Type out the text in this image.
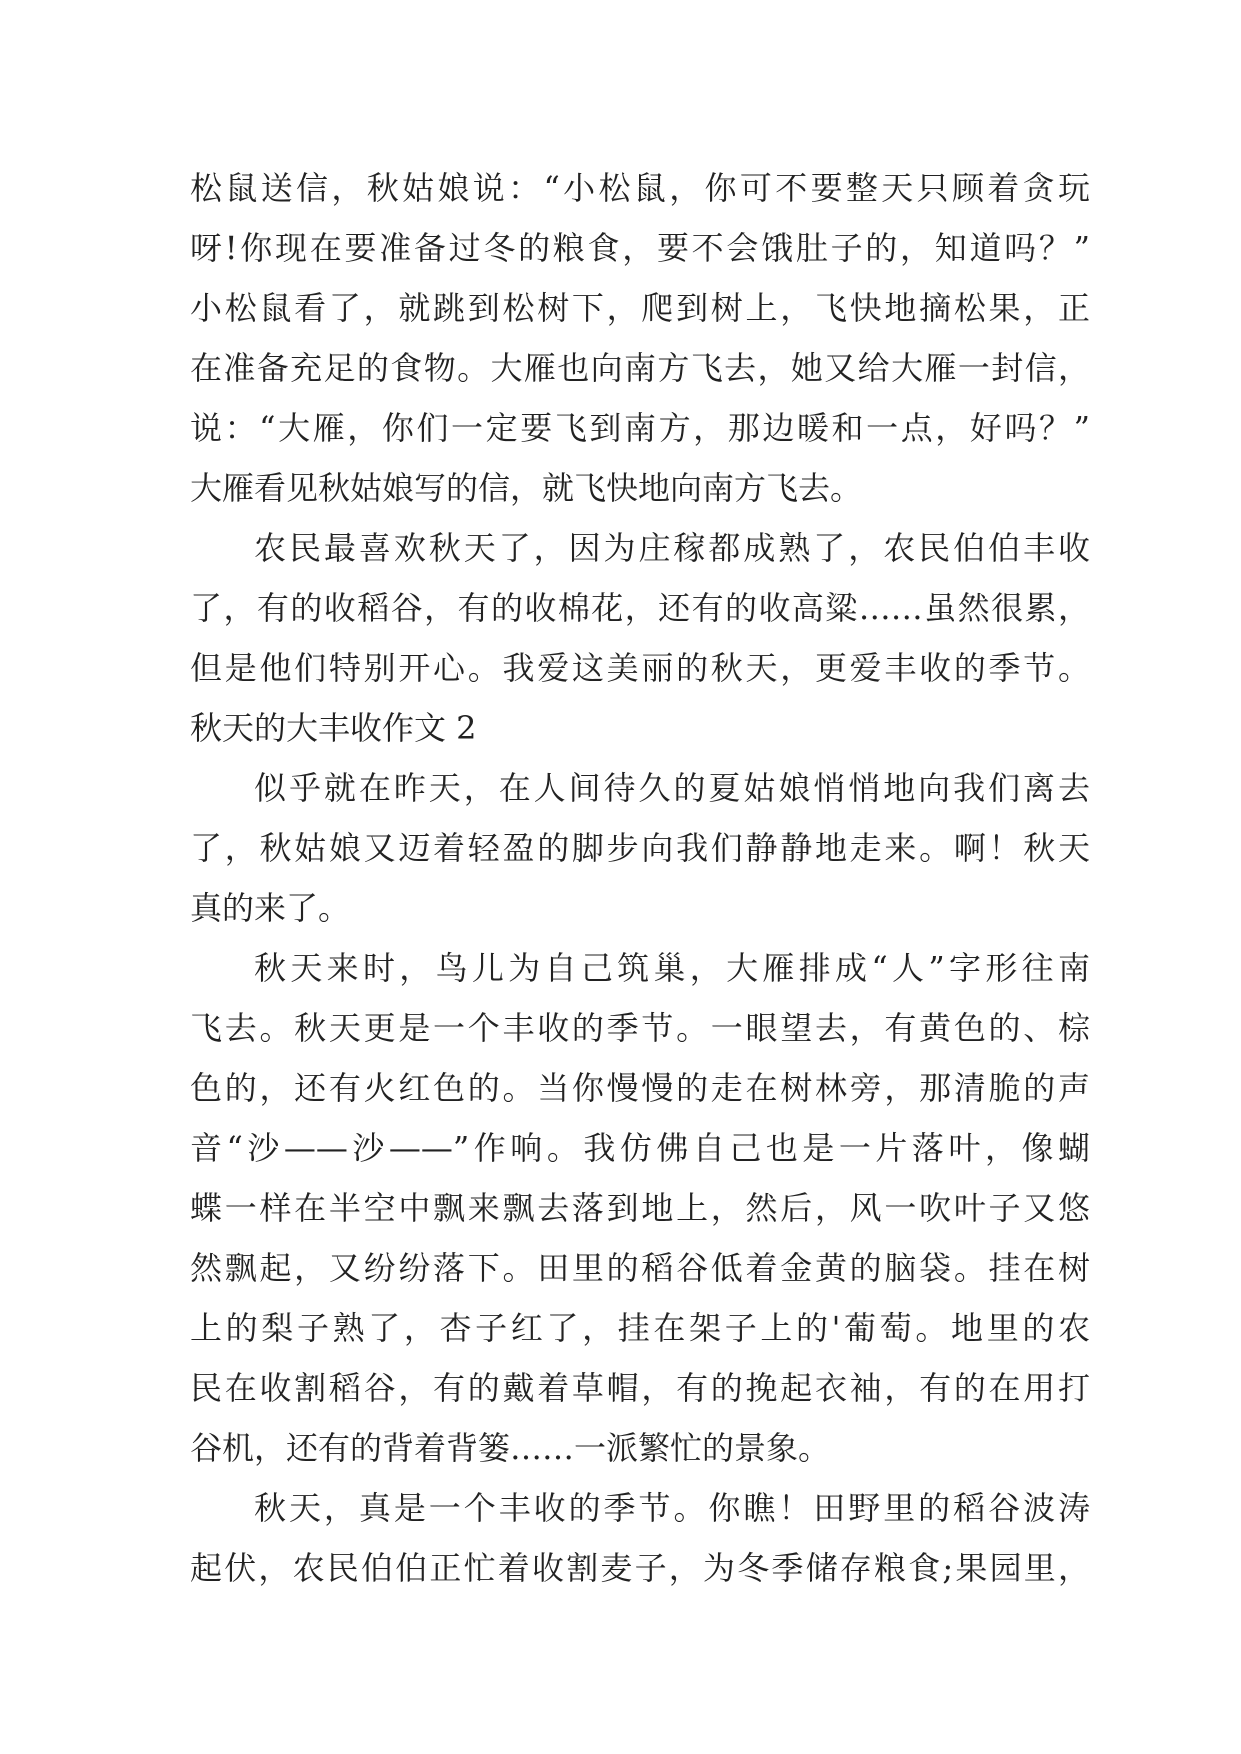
松鼠送信，秋姑娘说：“小松鼠，你可不要整天只顾着贪玩
呀!你现在要准备过冬的粮食，要不会饿肚子的，知道吗？”
小松鼠看了，就跳到松树下，爬到树上，飞快地摘松果，正
在准备充足的食物。大雁也向南方飞去，她又给大雁一封信，
说：“大雁，你们一定要飞到南方，那边暖和一点，好吗？”
大雁看见秋姑娘写的信，就飞快地向南方飞去。
农民最喜欢秋天了，因为庄稼都成熟了，农民伯伯丰收
了，有的收稻谷，有的收棉花，还有的收高粱……虽然很累，
但是他们特别开心。我爱这美丽的秋天，更爱丰收的季节。
秋天的大丰收作文 2
似乎就在昨天，在人间待久的夏姑娘悄悄地向我们离去
了，秋姑娘又迈着轻盈的脚步向我们静静地走来。啊！秋天
真的来了。
秋天来时，鸟儿为自己筑巢，大雁排成“人”字形往南
飞去。秋天更是一个丰收的季节。一眼望去，有黄色的、棕
色的，还有火红色的。当你慢慢的走在树林旁，那清脆的声
音“沙——沙——”作响。我仿佛自己也是一片落叶，像蝴
蝶一样在半空中飘来飘去落到地上，然后，风一吹叶子又悠
然飘起，又纷纷落下。田里的稻谷低着金黄的脑袋。挂在树
上的梨子熟了，杏子红了，挂在架子上的'葡萄。地里的农
民在收割稻谷，有的戴着草帽，有的挽起衣袖，有的在用打
谷机，还有的背着背篓……一派繁忙的景象。
秋天，真是一个丰收的季节。你瞧！田野里的稻谷波涛
起伏，农民伯伯正忙着收割麦子，为冬季储存粮食;果园里，
